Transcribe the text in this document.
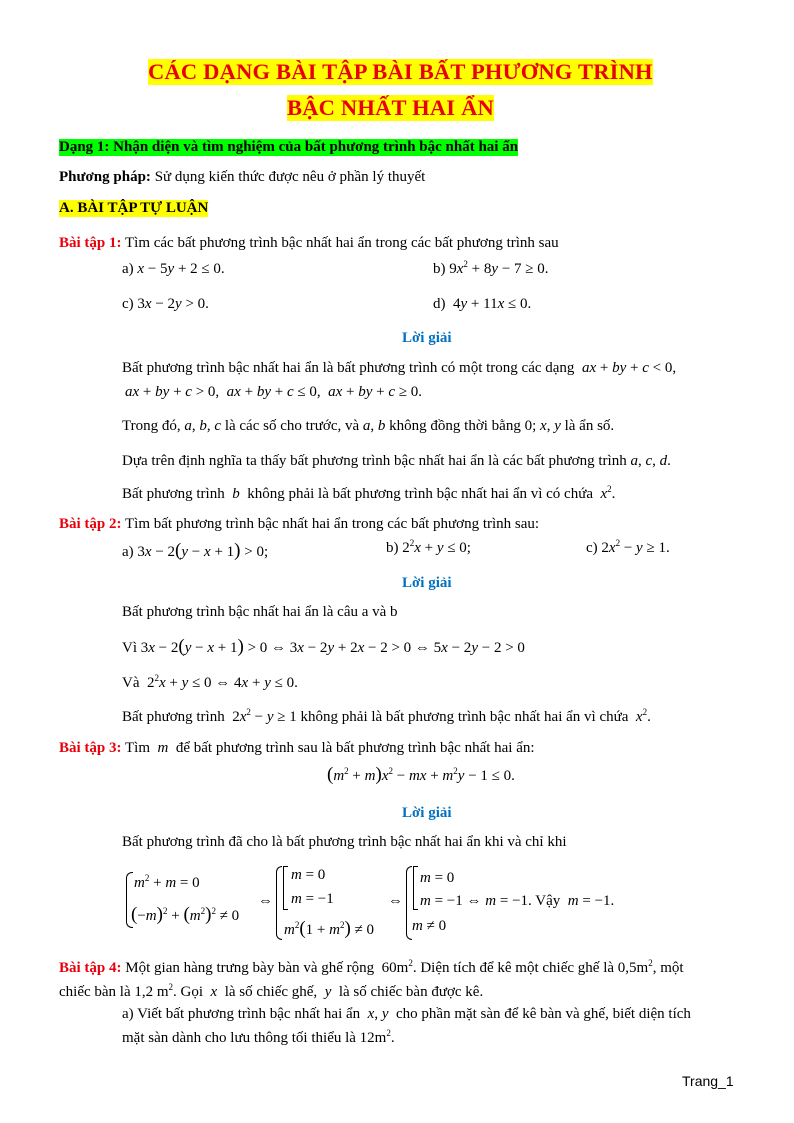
CÁC DẠNG BÀI TẬP BÀI BẤT PHƯƠNG TRÌNH
BẬC NHẤT HAI ẨN
Dạng 1: Nhận diện và tìm nghiệm của bất phương trình bậc nhất hai ẩn
Phương pháp: Sử dụng kiến thức được nêu ở phần lý thuyết
A. BÀI TẬP TỰ LUẬN
Bài tập 1: Tìm các bất phương trình bậc nhất hai ẩn trong các bất phương trình sau
a) x − 5y + 2 ≤ 0.	b) $9x^2 + 8y - 7 \ge 0$.
c) 3x − 2y > 0.	d)  4y + 11x ≤ 0.
Lời giải
Bất phương trình bậc nhất hai ẩn là bất phương trình có một trong các dạng ax + by + c < 0,
ax + by + c > 0,  ax + by + c ≤ 0,  ax + by + c ≥ 0.
Trong đó, a, b, c là các số cho trước, và a, b không đồng thời bằng 0; x, y là ẩn số.
Dựa trên định nghĩa ta thấy bất phương trình bậc nhất hai ẩn là các bất phương trình a, c, d.
Bất phương trình b không phải là bất phương trình bậc nhất hai ẩn vì có chứa $x^2$.
Bài tập 2: Tìm bất phương trình bậc nhất hai ẩn trong các bất phương trình sau:
a) 3x − 2(y − x + 1) > 0;	b) $2^2x + y \le 0$;	c) $2x^2 - y \ge 1$.
Lời giải
Bất phương trình bậc nhất hai ẩn là câu a và b
Vì 3x − 2(y − x + 1) > 0 ⇔ 3x − 2y + 2x − 2 > 0 ⇔ 5x − 2y − 2 > 0
Và  $2^2x + y \le 0$ ⇔ 4x + y ≤ 0.
Bất phương trình  $2x^2 - y \ge 1$ không phải là bất phương trình bậc nhất hai ẩn vì chứa $x^2$.
Bài tập 3: Tìm m để bất phương trình sau là bất phương trình bậc nhất hai ẩn:
$(m^2 + m)x^2$ − mx + $m^2y - 1 \le 0$.
Lời giải
Bất phương trình đã cho là bất phương trình bậc nhất hai ẩn khi và chỉ khi
$m^2 + m = 0$
$(-m)^2 + (m^2)^2 \ne 0$
⇔
m = 0
m = −1
$m^2(1 + m^2) \ne 0$
⇔
m = 0
m = −1 ⇔ m = −1. Vậy m = −1.
m ≠ 0
Bài tập 4: Một gian hàng trưng bày bàn và ghế rộng  $60m^2$. Diện tích để kê một chiếc ghế là $0,5m^2$, một
chiếc bàn là 1,2 $m^2$. Gọi x là số chiếc ghế, y là số chiếc bàn được kê.
a) Viết bất phương trình bậc nhất hai ẩn x, y cho phần mặt sàn để kê bàn và ghế, biết diện tích
mặt sàn dành cho lưu thông tối thiểu là $12m^2$.
Trang_1
